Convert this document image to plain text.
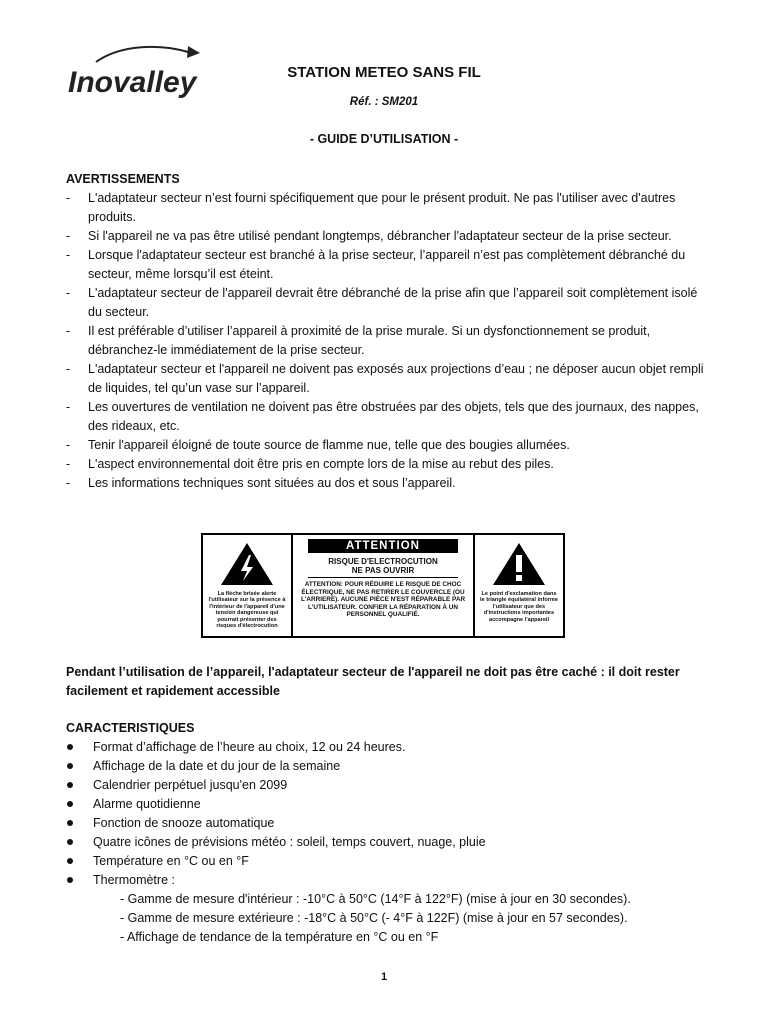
Inovalley	STATION METEO SANS FIL
Réf. : SM201
- GUIDE D’UTILISATION -
AVERTISSEMENTS
- L'adaptateur secteur n’est fourni spécifiquement que pour le présent produit. Ne pas l'utiliser avec d'autres produits.
- Si l'appareil ne va pas être utilisé pendant longtemps, débrancher l'adaptateur secteur de la prise secteur.
- Lorsque l'adaptateur secteur est branché à la prise secteur, l’appareil n’est pas complètement débranché du secteur, même lorsqu’il est éteint.
- L'adaptateur secteur de l'appareil devrait être débranché de la prise afin que l’appareil soit complètement isolé du secteur.
- Il est préférable d’utiliser l’appareil à proximité de la prise murale. Si un dysfonctionnement se produit, débranchez-le immédiatement de la prise secteur.
- L'adaptateur secteur et l'appareil ne doivent pas exposés aux projections d’eau ; ne déposer aucun objet rempli de liquides, tel qu’un vase sur l’appareil.
- Les ouvertures de ventilation ne doivent pas être obstruées par des objets, tels que des journaux, des nappes, des rideaux, etc.
- Tenir l'appareil éloigné de toute source de flamme nue, telle que des bougies allumées.
- L'aspect environnemental doit être pris en compte lors de la mise au rebut des piles.
- Les informations techniques sont situées au dos et sous l’appareil.
La flèche brisée alerte l'utilisateur sur la présence à l'intérieur de l'appareil d'une tension dangereuse qui pourrait présenter des risques d'électrocution
ATTENTION
RISQUE D'ELECTROCUTION
NE PAS OUVRIR
ATTENTION: POUR RÉDUIRE LE RISQUE DE CHOC ÉLECTRIQUE, NE PAS RETIRER LE COUVERCLE (OU L'ARRIERE). AUCUNE PIÈCE N'EST RÉPARABLE PAR L'UTILISATEUR. CONFIER LA RÉPARATION À UN PERSONNEL QUALIFIÉ.
Le point d'exclamation dans le triangle équilatéral informe l'utilisateur que des d'instructions importantes accompagne l'appareil
Pendant l’utilisation de l’appareil, l'adaptateur secteur de l'appareil ne doit pas être caché : il doit rester facilement et rapidement accessible
CARACTERISTIQUES
Format d’affichage de l’heure au choix, 12 ou 24 heures.
Affichage de la date et du jour de la semaine
Calendrier perpétuel jusqu'en 2099
Alarme quotidienne
Fonction de snooze automatique
Quatre icônes de prévisions météo : soleil, temps couvert, nuage, pluie
Température en °C ou en °F
Thermomètre :
- Gamme de mesure d'intérieur : -10°C à 50°C (14°F à 122°F) (mise à jour en 30 secondes).
- Gamme de mesure extérieure : -18°C à 50°C (- 4°F à 122F) (mise à jour en 57 secondes).
- Affichage de tendance de la température en °C ou en °F
1
